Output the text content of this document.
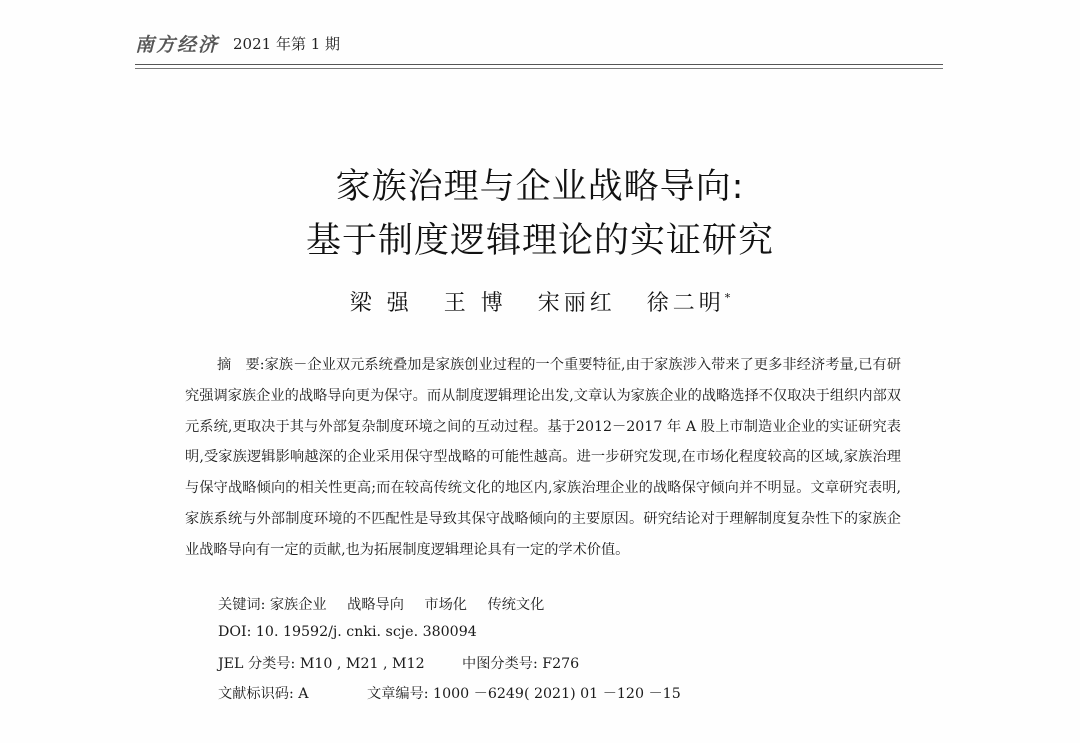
南方经济 2021 年第 1 期
家族治理与企业战略导向:
基于制度逻辑理论的实证研究
梁 强 王 博 宋丽红 徐二明*
摘　要:家族－企业双元系统叠加是家族创业过程的一个重要特征,由于家族涉入带来了更多非经济考量,已有研究强调家族企业的战略导向更为保守。而从制度逻辑理论出发,文章认为家族企业的战略选择不仅取决于组织内部双元系统,更取决于其与外部复杂制度环境之间的互动过程。基于2012－2017 年 A 股上市制造业企业的实证研究表明,受家族逻辑影响越深的企业采用保守型战略的可能性越高。进一步研究发现,在市场化程度较高的区域,家族治理与保守战略倾向的相关性更高;而在较高传统文化的地区内,家族治理企业的战略保守倾向并不明显。文章研究表明,家族系统与外部制度环境的不匹配性是导致其保守战略倾向的主要原因。研究结论对于理解制度复杂性下的家族企业战略导向有一定的贡献,也为拓展制度逻辑理论具有一定的学术价值。
关键词: 家族企业 战略导向 市场化 传统文化
DOI: 10. 19592/j. cnki. scje. 380094
JEL 分类号: M10 , M21 , M12	中图分类号: F276
文献标识码: A	文章编号: 1000 －6249( 2021) 01 －120 －15
